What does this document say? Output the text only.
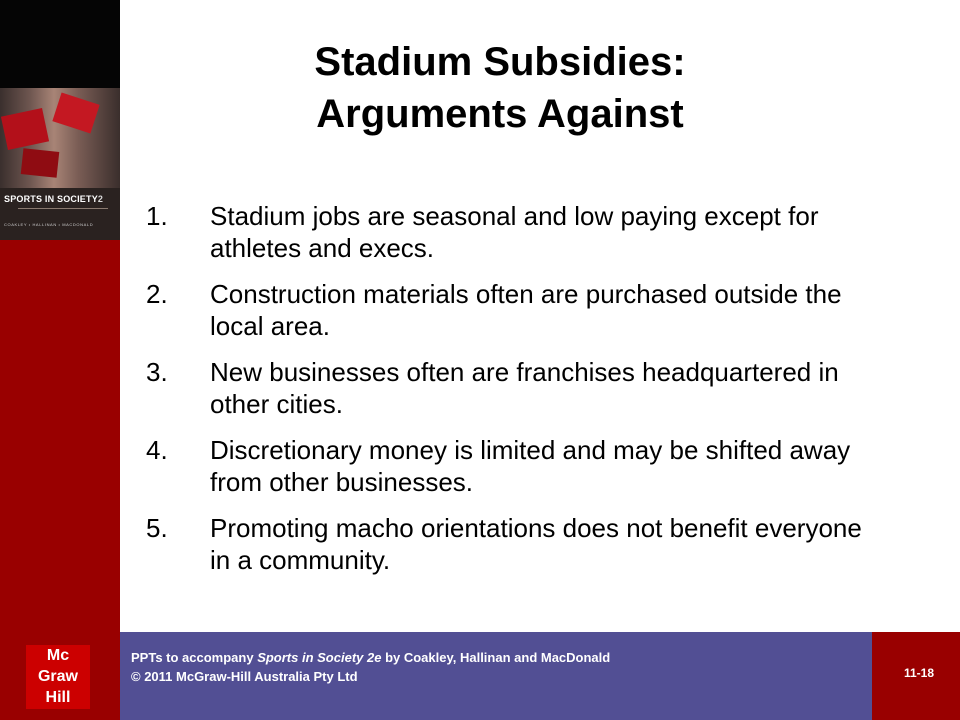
SPORTS IN SOCIETY2
COAKLEY • HALLINAN • MACDONALD
Stadium Subsidies:
Arguments Against
1. Stadium jobs are seasonal and low paying except for athletes and execs.
2. Construction materials often are purchased outside the local area.
3. New businesses often are franchises headquartered in other cities.
4. Discretionary money is limited and may be shifted away from other businesses.
5. Promoting macho orientations does not benefit everyone in a community.
Mc
Graw
Hill
PPTs to accompany Sports in Society 2e by Coakley, Hallinan and MacDonald
© 2011 McGraw-Hill Australia Pty Ltd	11-18
